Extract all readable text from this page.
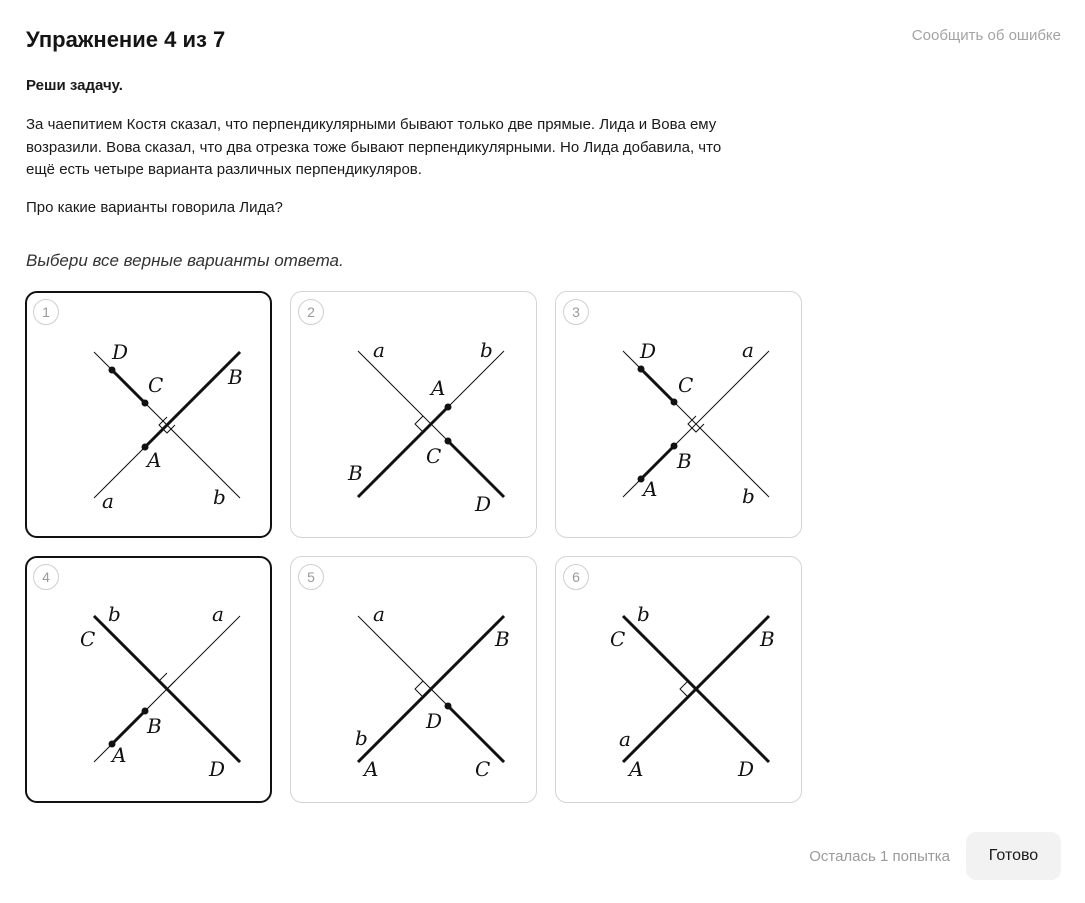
Упражнение 4 из 7	Сообщить об ошибке

Реши задачу.

За чаепитием Костя сказал, что перпендикулярными бывают только две прямые. Лида и Вова ему возразили. Вова сказал, что два отрезка тоже бывают перпендикулярными. Но Лида добавила, что ещё есть четыре варианта различных перпендикуляров.

Про какие варианты говорила Лида?

Выбери все верные варианты ответа.

1
D
C	B
A
a	b
2
a	b
A
B
C
D
3
D	a
C
B
A	b
4
b
C
a
B
A
D
5
a
B
D
b
A	C
6
b
C	B
a
A	D
Осталась 1 попытка	Готово
